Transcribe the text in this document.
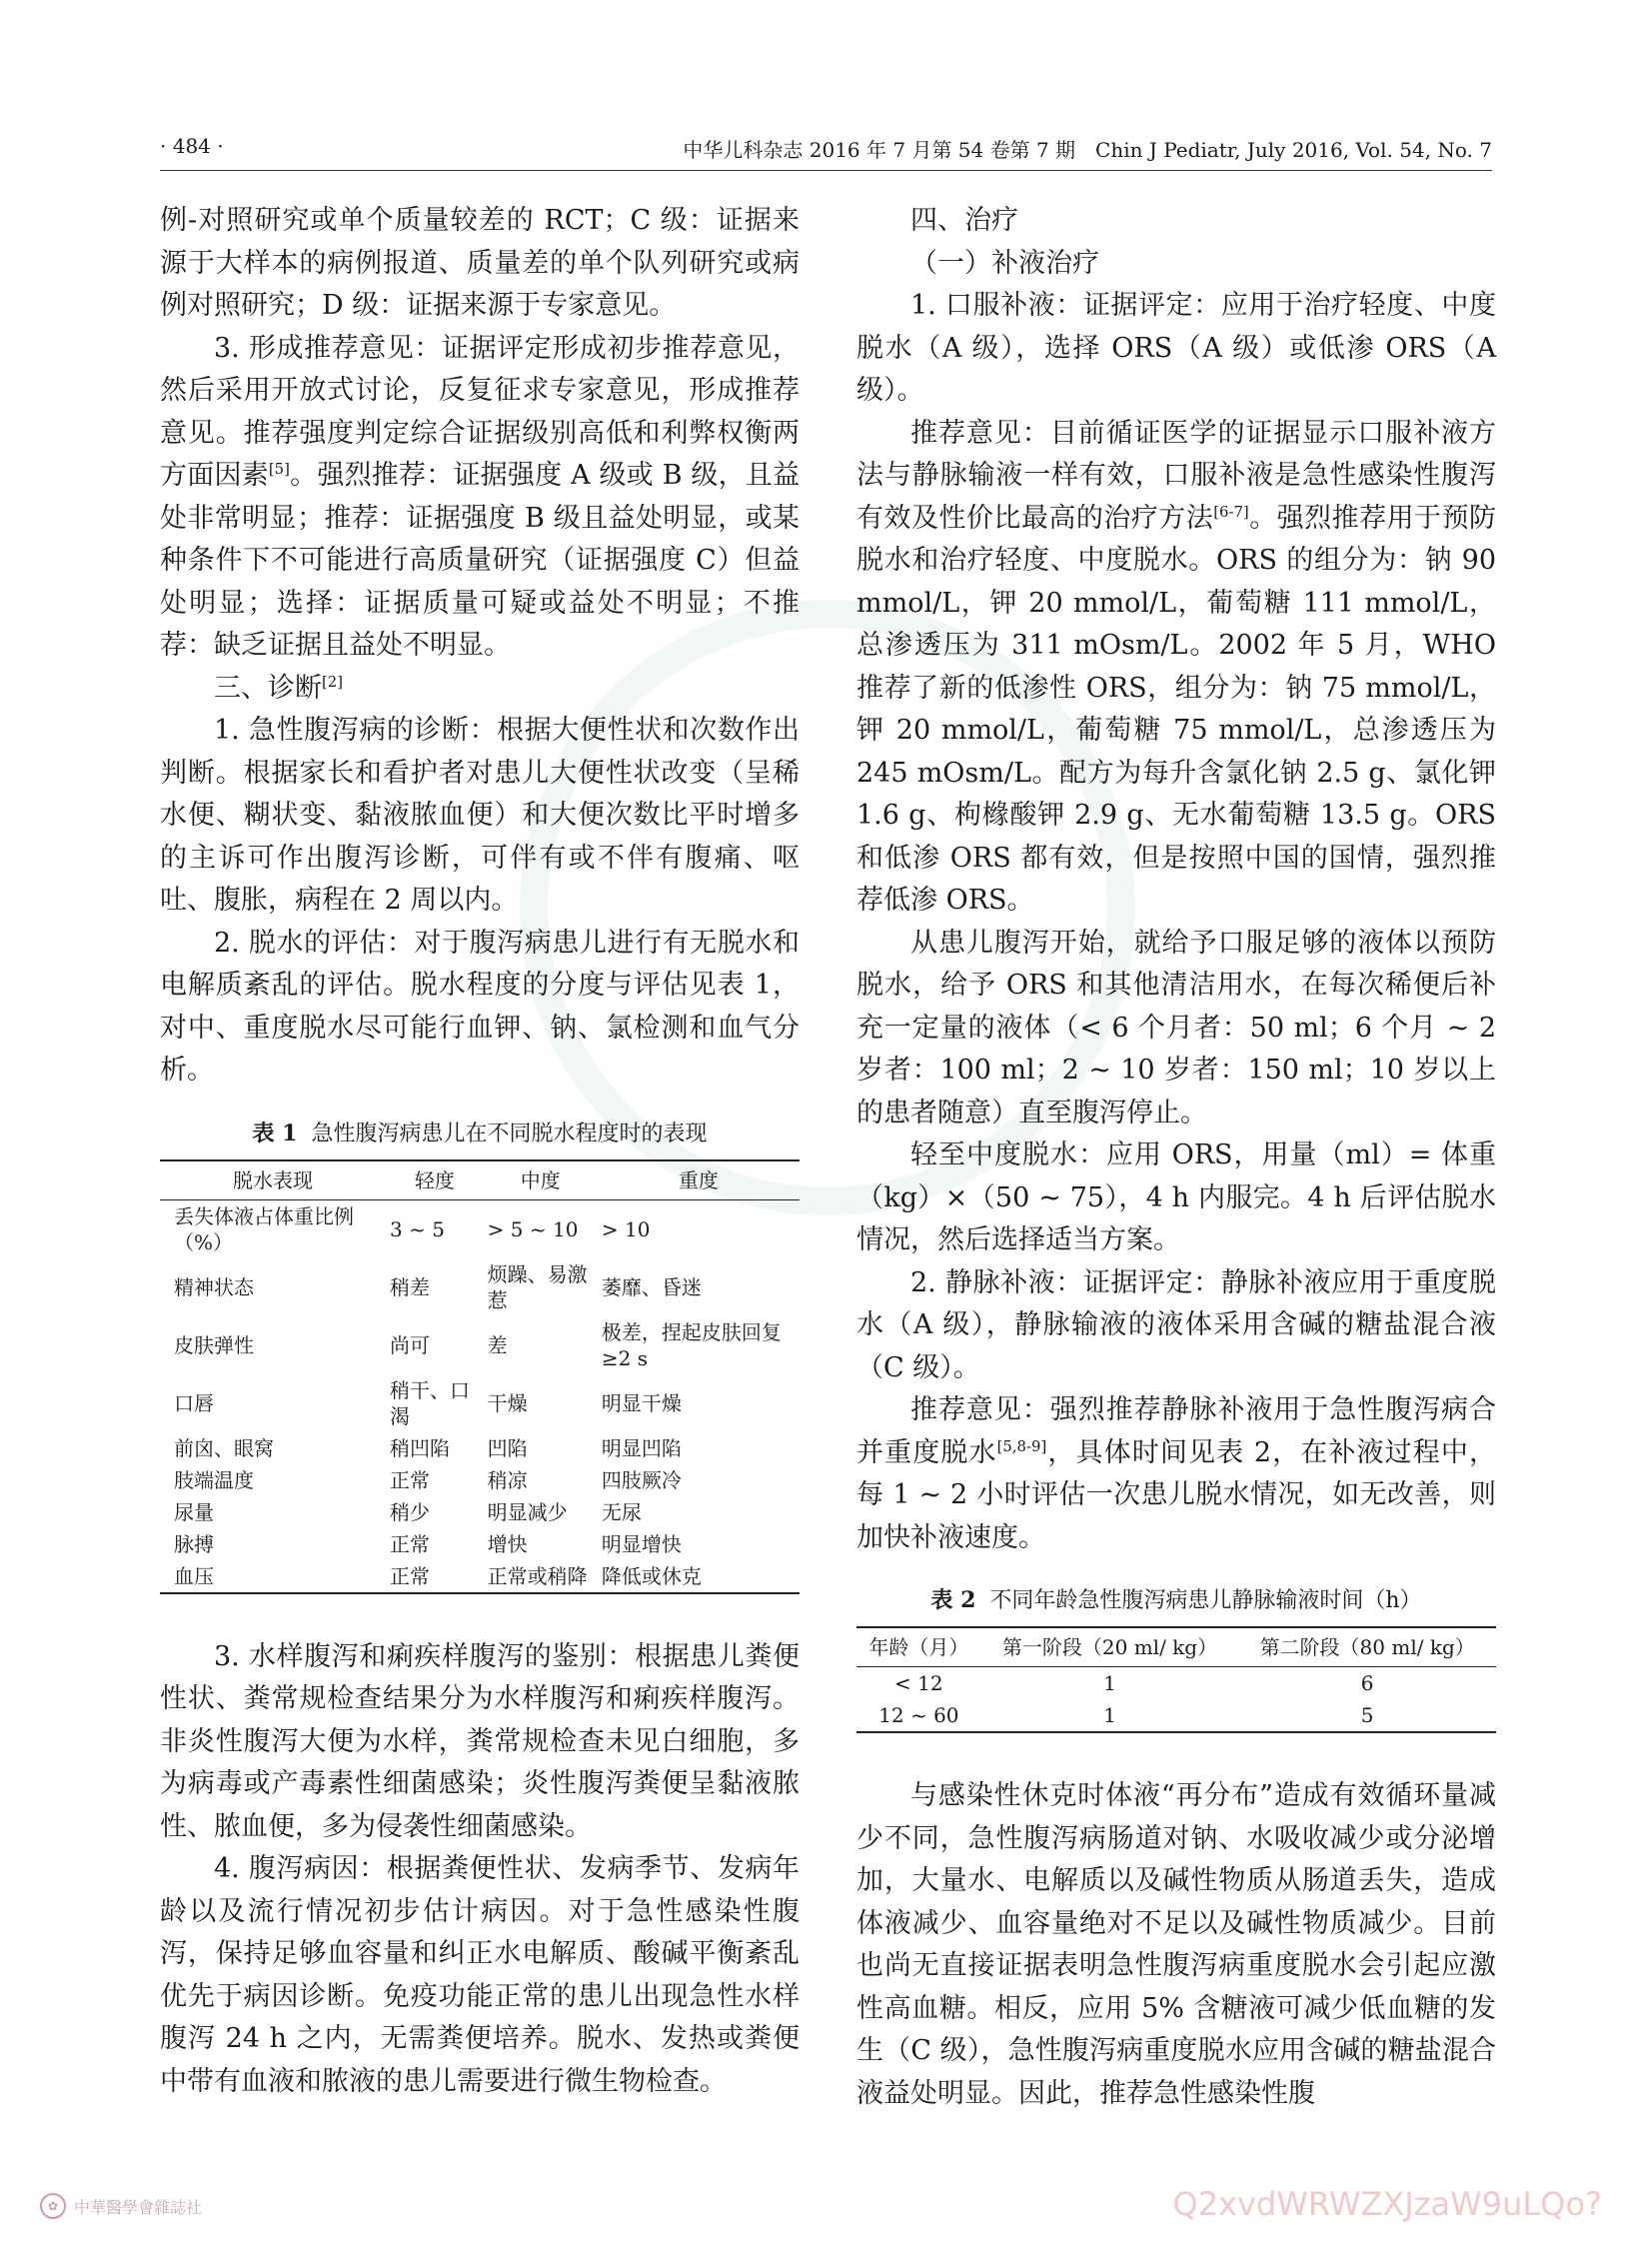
· 484 ·	中华儿科杂志 2016 年 7 月第 54 卷第 7 期　Chin J Pediatr, July 2016, Vol. 54, No. 7

例-对照研究或单个质量较差的 RCT；C 级：证据来源于大样本的病例报道、质量差的单个队列研究或病例对照研究；D 级：证据来源于专家意见。

3. 形成推荐意见：证据评定形成初步推荐意见，然后采用开放式讨论，反复征求专家意见，形成推荐意见。推荐强度判定综合证据级别高低和利弊权衡两方面因素[5]。强烈推荐：证据强度 A 级或 B 级，且益处非常明显；推荐：证据强度 B 级且益处明显，或某种条件下不可能进行高质量研究（证据强度 C）但益处明显；选择：证据质量可疑或益处不明显；不推荐：缺乏证据且益处不明显。

三、诊断[2]

1. 急性腹泻病的诊断：根据大便性状和次数作出判断。根据家长和看护者对患儿大便性状改变（呈稀水便、糊状变、黏液脓血便）和大便次数比平时增多的主诉可作出腹泻诊断，可伴有或不伴有腹痛、呕吐、腹胀，病程在 2 周以内。

2. 脱水的评估：对于腹泻病患儿进行有无脱水和电解质紊乱的评估。脱水程度的分度与评估见表 1，对中、重度脱水尽可能行血钾、钠、氯检测和血气分析。

表 1 急性腹泻病患儿在不同脱水程度时的表现
脱水表现	轻度	中度	重度
丢失体液占体重比例（%）	3 ~ 5	> 5 ~ 10	> 10
精神状态	稍差	烦躁、易激惹	萎靡、昏迷
皮肤弹性	尚可	差	极差，捏起皮肤回复≥2 s
口唇	稍干、口渴	干燥	明显干燥
前囟、眼窝	稍凹陷	凹陷	明显凹陷
肢端温度	正常	稍凉	四肢厥冷
尿量	稍少	明显减少	无尿
脉搏	正常	增快	明显增快
血压	正常	正常或稍降	降低或休克

3. 水样腹泻和痢疾样腹泻的鉴别：根据患儿粪便性状、粪常规检查结果分为水样腹泻和痢疾样腹泻。非炎性腹泻大便为水样，粪常规检查未见白细胞，多为病毒或产毒素性细菌感染；炎性腹泻粪便呈黏液脓性、脓血便，多为侵袭性细菌感染。

4. 腹泻病因：根据粪便性状、发病季节、发病年龄以及流行情况初步估计病因。对于急性感染性腹泻，保持足够血容量和纠正水电解质、酸碱平衡紊乱优先于病因诊断。免疫功能正常的患儿出现急性水样腹泻 24 h 之内，无需粪便培养。脱水、发热或粪便中带有血液和脓液的患儿需要进行微生物检查。

四、治疗

（一）补液治疗

1. 口服补液：证据评定：应用于治疗轻度、中度脱水（A 级），选择 ORS（A 级）或低渗 ORS（A 级）。

推荐意见：目前循证医学的证据显示口服补液方法与静脉输液一样有效，口服补液是急性感染性腹泻有效及性价比最高的治疗方法[6-7]。强烈推荐用于预防脱水和治疗轻度、中度脱水。ORS 的组分为：钠 90 mmol/L，钾 20 mmol/L，葡萄糖 111 mmol/L，总渗透压为 311 mOsm/L。2002 年 5 月，WHO 推荐了新的低渗性 ORS，组分为：钠 75 mmol/L，钾 20 mmol/L，葡萄糖 75 mmol/L，总渗透压为 245 mOsm/L。配方为每升含氯化钠 2.5 g、氯化钾 1.6 g、枸橼酸钾 2.9 g、无水葡萄糖 13.5 g。ORS 和低渗 ORS 都有效，但是按照中国的国情，强烈推荐低渗 ORS。

从患儿腹泻开始，就给予口服足够的液体以预防脱水，给予 ORS 和其他清洁用水，在每次稀便后补充一定量的液体（< 6 个月者：50 ml；6 个月 ~ 2 岁者：100 ml；2 ~ 10 岁者：150 ml；10 岁以上的患者随意）直至腹泻停止。

轻至中度脱水：应用 ORS，用量（ml）= 体重（kg）×（50 ~ 75），4 h 内服完。4 h 后评估脱水情况，然后选择适当方案。

2. 静脉补液：证据评定：静脉补液应用于重度脱水（A 级），静脉输液的液体采用含碱的糖盐混合液（C 级）。

推荐意见：强烈推荐静脉补液用于急性腹泻病合并重度脱水[5,8-9]，具体时间见表 2，在补液过程中，每 1 ~ 2 小时评估一次患儿脱水情况，如无改善，则加快补液速度。

表 2 不同年龄急性腹泻病患儿静脉输液时间（h）
年龄（月）	第一阶段（20 ml/ kg）	第二阶段（80 ml/ kg）
< 12	1	6
12 ~ 60	1	5

与感染性休克时体液“再分布”造成有效循环量减少不同，急性腹泻病肠道对钠、水吸收减少或分泌增加，大量水、电解质以及碱性物质从肠道丢失，造成体液减少、血容量绝对不足以及碱性物质减少。目前也尚无直接证据表明急性腹泻病重度脱水会引起应激性高血糖。相反，应用 5% 含糖液可减少低血糖的发生（C 级），急性腹泻病重度脱水应用含碱的糖盐混合液益处明显。因此，推荐急性感染性腹

✿ 中華醫學會雜誌社	Q2xvdWRWZXJzaW9uLQo?
